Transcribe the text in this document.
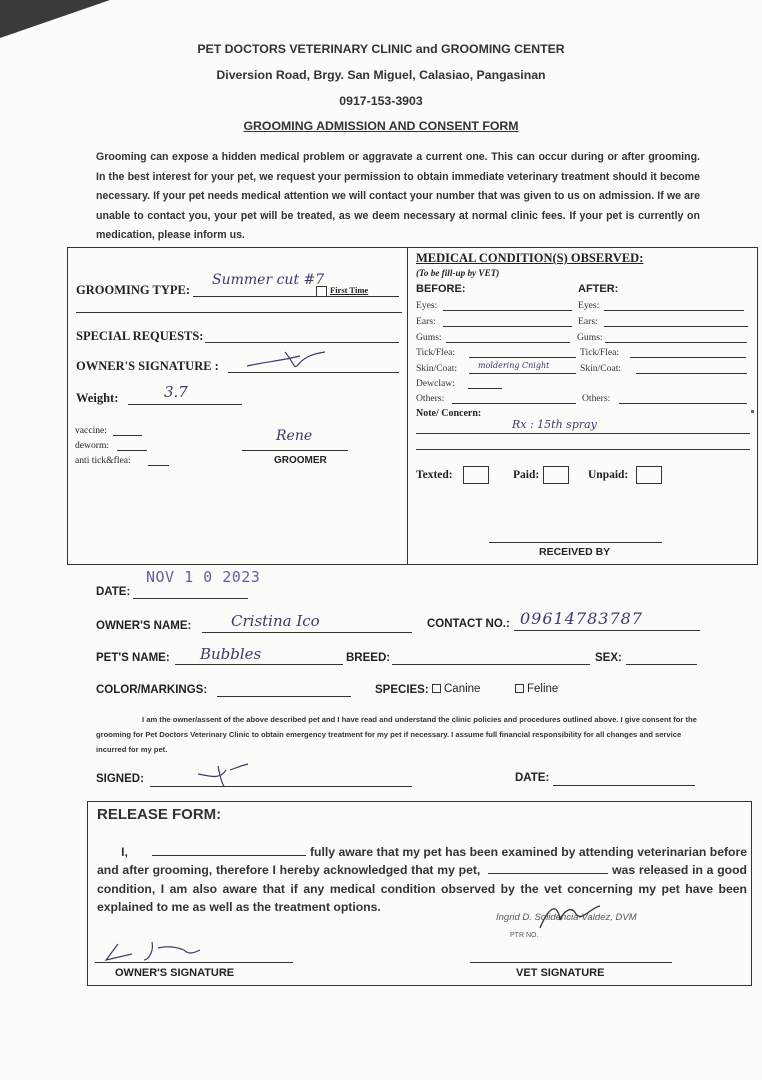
PET DOCTORS VETERINARY CLINIC and GROOMING CENTER
Diversion Road, Brgy. San Miguel, Calasiao, Pangasinan
0917-153-3903
GROOMING ADMISSION AND CONSENT FORM
Grooming can expose a hidden medical problem or aggravate a current one. This can occur during or after grooming. In the best interest for your pet, we request your permission to obtain immediate veterinary treatment should it become necessary. If your pet needs medical attention we will contact your number that was given to us on admission. If we are unable to contact you, your pet will be treated, as we deem necessary at normal clinic fees. If your pet is currently on medication, please inform us.
GROOMING TYPE:
Summer cut #7
First Time
SPECIAL REQUESTS:
OWNER'S SIGNATURE :
Weight:	3.7
vaccine:
deworm:
anti tick&flea:
Rene
GROOMER
MEDICAL CONDITION(S) OBSERVED:
(To be fill-up by VET)
BEFORE:	AFTER:
Eyes:	Eyes:
Ears:	Ears:
Gums:	Gums:
Tick/Flea:	Tick/Flea:
Skin/Coat:	moldering Cnight	Skin/Coat:
Dewclaw:
Others:	Others:
Note/ Concern:
Rx : 15th spray
Texted:	Paid:	Unpaid:
RECEIVED BY
NOV 1 0 2023
DATE:
OWNER'S NAME:	Cristina Ico	CONTACT NO.: 09614783787
PET'S NAME: Bubbles	BREED:	SEX:
COLOR/MARKINGS:	SPECIES:	Canine	Feline
I am the owner/assent of the above described pet and I have read and understand the clinic policies and procedures outlined above. I give consent for the grooming for Pet Doctors Veterinary Clinic to obtain emergency treatment for my pet if necessary. I assume full financial responsibility for all changes and service incurred for my pet.
SIGNED:	DATE:
RELEASE FORM:
I,	fully aware that my pet has been examined by attending veterinarian before and after grooming, therefore I hereby acknowledged that my pet,	was released in a good condition, I am also aware that if any medical condition observed by the vet concerning my pet have been explained to me as well as the treatment options.
Ingrid D. Solidencia-Valdez, DVM
PTR NO.
OWNER'S SIGNATURE	VET SIGNATURE
